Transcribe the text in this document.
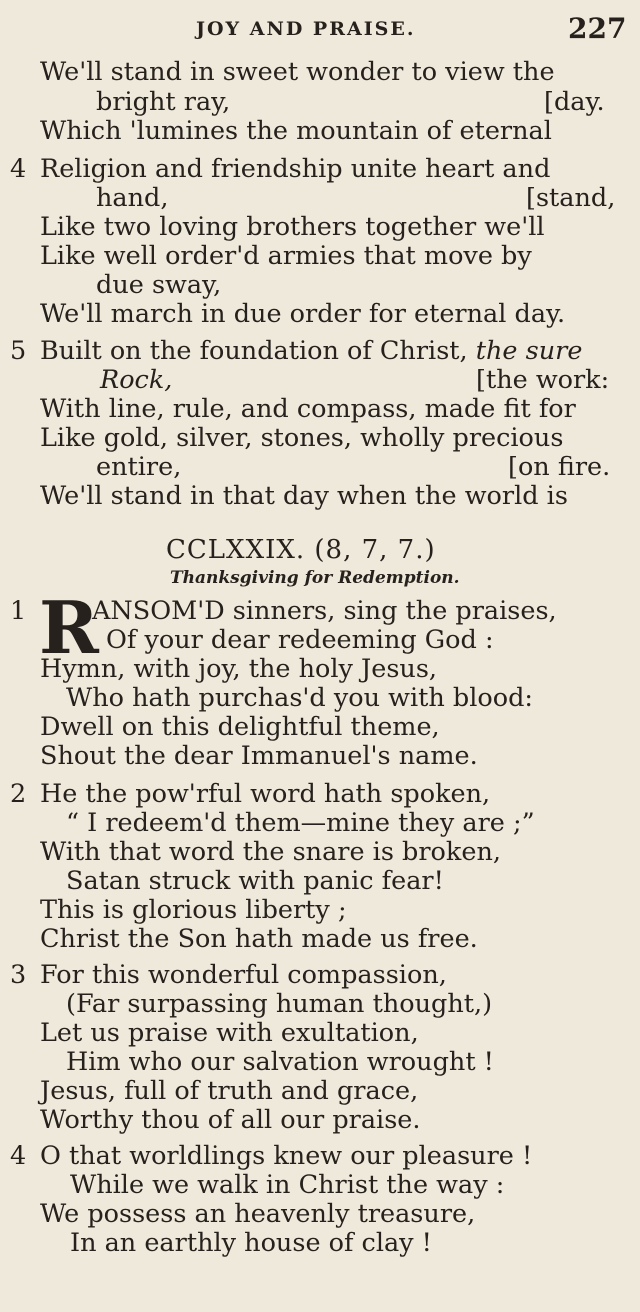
JOY AND PRAISE.	227
We'll stand in sweet wonder to view the
bright ray,	[day.
Which 'lumines the mountain of eternal
4 Religion and friendship unite heart and
hand,	[stand,
Like two loving brothers together we'll
Like well order'd armies that move by
due sway,
We'll march in due order for eternal day.
5 Built on the foundation of Christ, the sure
Rock,	[the work:
With line, rule, and compass, made fit for
Like gold, silver, stones, wholly precious
entire,	[on fire.
We'll stand in that day when the world is
CCLXXIX. (8, 7, 7.)
Thanksgiving for Redemption.
1 R
ANSOM'D sinners, sing the praises,
Of your dear redeeming God :
Hymn, with joy, the holy Jesus,
Who hath purchas'd you with blood:
Dwell on this delightful theme,
Shout the dear Immanuel's name.
2 He the pow'rful word hath spoken,
“ I redeem'd them—mine they are ;”
With that word the snare is broken,
Satan struck with panic fear!
This is glorious liberty ;
Christ the Son hath made us free.
3 For this wonderful compassion,
(Far surpassing human thought,)
Let us praise with exultation,
Him who our salvation wrought !
Jesus, full of truth and grace,
Worthy thou of all our praise.
4 O that worldlings knew our pleasure !
While we walk in Christ the way :
We possess an heavenly treasure,
In an earthly house of clay !
